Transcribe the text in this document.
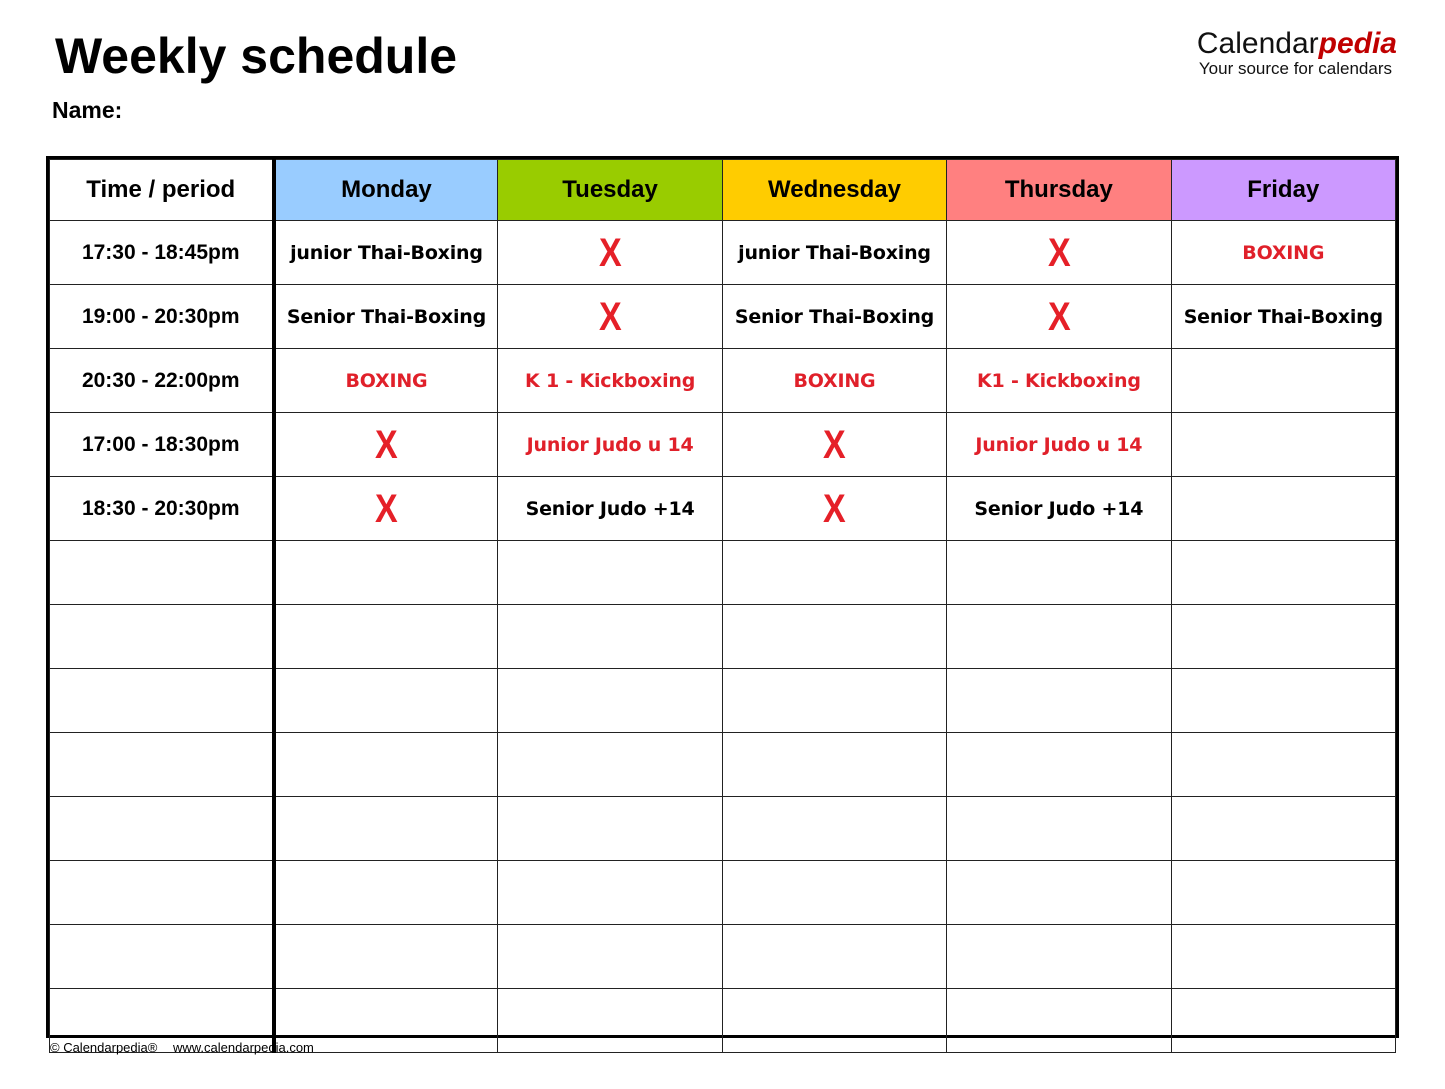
Weekly schedule
Name:
Calendarpedia
Your source for calendars
Time / period	Monday	Tuesday	Wednesday	Thursday	Friday
17:30 - 18:45pm	junior Thai-Boxing	X	junior Thai-Boxing	X	BOXING
19:00 - 20:30pm	Senior Thai-Boxing	X	Senior Thai-Boxing	X	Senior Thai-Boxing
20:30 - 22:00pm	BOXING	K 1 - Kickboxing	BOXING	K1 - Kickboxing	
17:00 - 18:30pm	X	Junior Judo u 14	X	Junior Judo u 14	
18:30 - 20:30pm	X	Senior Judo +14	X	Senior Judo +14	

© Calendarpedia® www.calendarpedia.com
